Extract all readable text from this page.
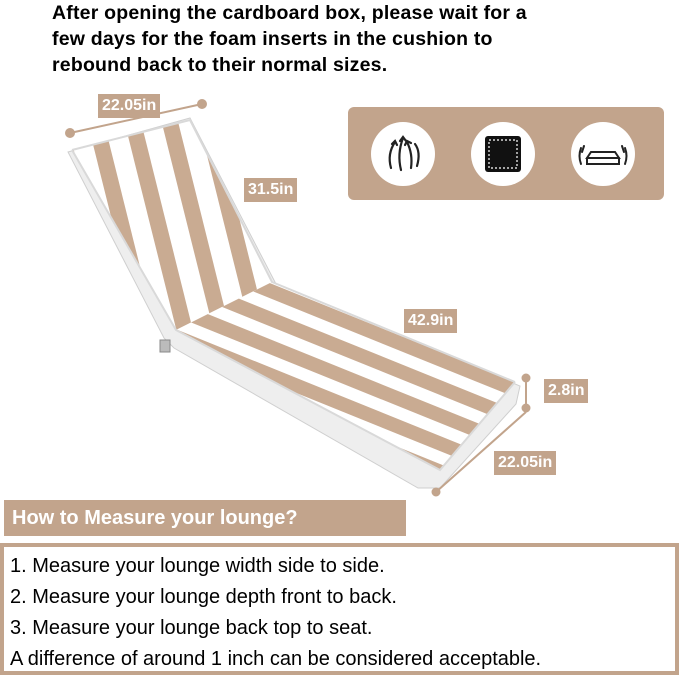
After opening the cardboard box, please wait for a
few days for the foam inserts in the cushion to
rebound back to their normal sizes.
22.05in
31.5in
42.9in
2.8in
22.05in
How to Measure your lounge?
1. Measure your lounge width side to side.
2. Measure your lounge depth front to back.
3. Measure your lounge back top to seat.
A difference of around 1 inch can be considered acceptable.
